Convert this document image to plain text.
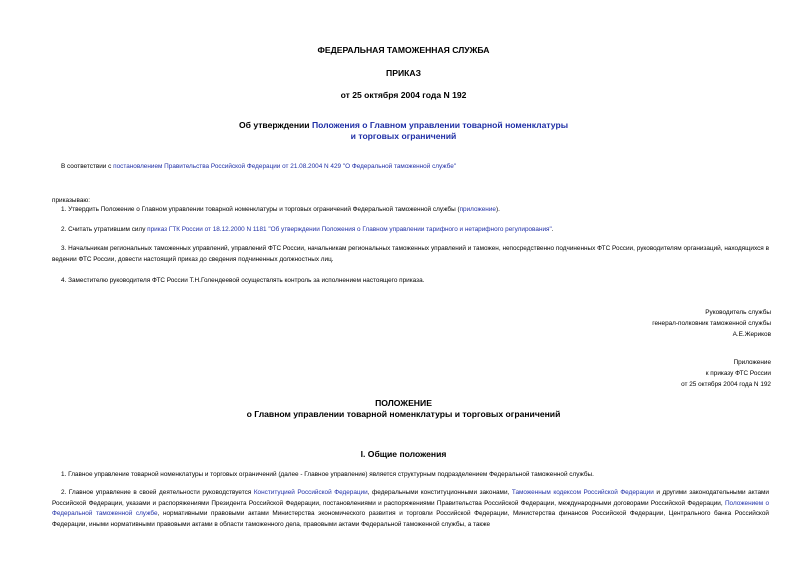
ФЕДЕРАЛЬНАЯ ТАМОЖЕННАЯ СЛУЖБА
ПРИКАЗ
от 25 октября 2004 года N 192
Об утверждении Положения о Главном управлении товарной номенклатуры
и торговых ограничений
В соответствии с постановлением Правительства Российской Федерации от 21.08.2004 N 429 "О Федеральной таможенной службе"
приказываю:
1. Утвердить Положение о Главном управлении товарной номенклатуры и торговых ограничений Федеральной таможенной службы (приложение).
2. Считать утратившим силу приказ ГТК России от 18.12.2000 N 1181 "Об утверждении Положения о Главном управлении тарифного и нетарифного регулирования".
3. Начальникам региональных таможенных управлений, управлений ФТС России, начальникам региональных таможенных управлений и таможен, непосредственно подчиненных ФТС России, руководителям организаций, находящихся в ведении ФТС России, довести настоящий приказ до сведения подчиненных должностных лиц.
4. Заместителю руководителя ФТС России Т.Н.Голендеевой осуществлять контроль за исполнением настоящего приказа.
Руководитель службы
генерал-полковник таможенной службы
А.Е.Жериков
Приложение
к приказу ФТС России
от 25 октября 2004 года N 192
ПОЛОЖЕНИЕ
о Главном управлении товарной номенклатуры и торговых ограничений
I. Общие положения
1. Главное управление товарной номенклатуры и торговых ограничений (далее - Главное управление) является структурным подразделением Федеральной таможенной службы.
2. Главное управление в своей деятельности руководствуется Конституцией Российской Федерации, федеральными конституционными законами, Таможенным кодексом Российской Федерации и другими законодательными актами Российской Федерации, указами и распоряжениями Президента Российской Федерации, постановлениями и распоряжениями Правительства Российской Федерации, международными договорами Российской Федерации, Положением о Федеральной таможенной службе, нормативными правовыми актами Министерства экономического развития и торговли Российской Федерации, Министерства финансов Российской Федерации, Центрального банка Российской Федерации, иными нормативными правовыми актами в области таможенного дела, правовыми актами Федеральной таможенной службы, а также
